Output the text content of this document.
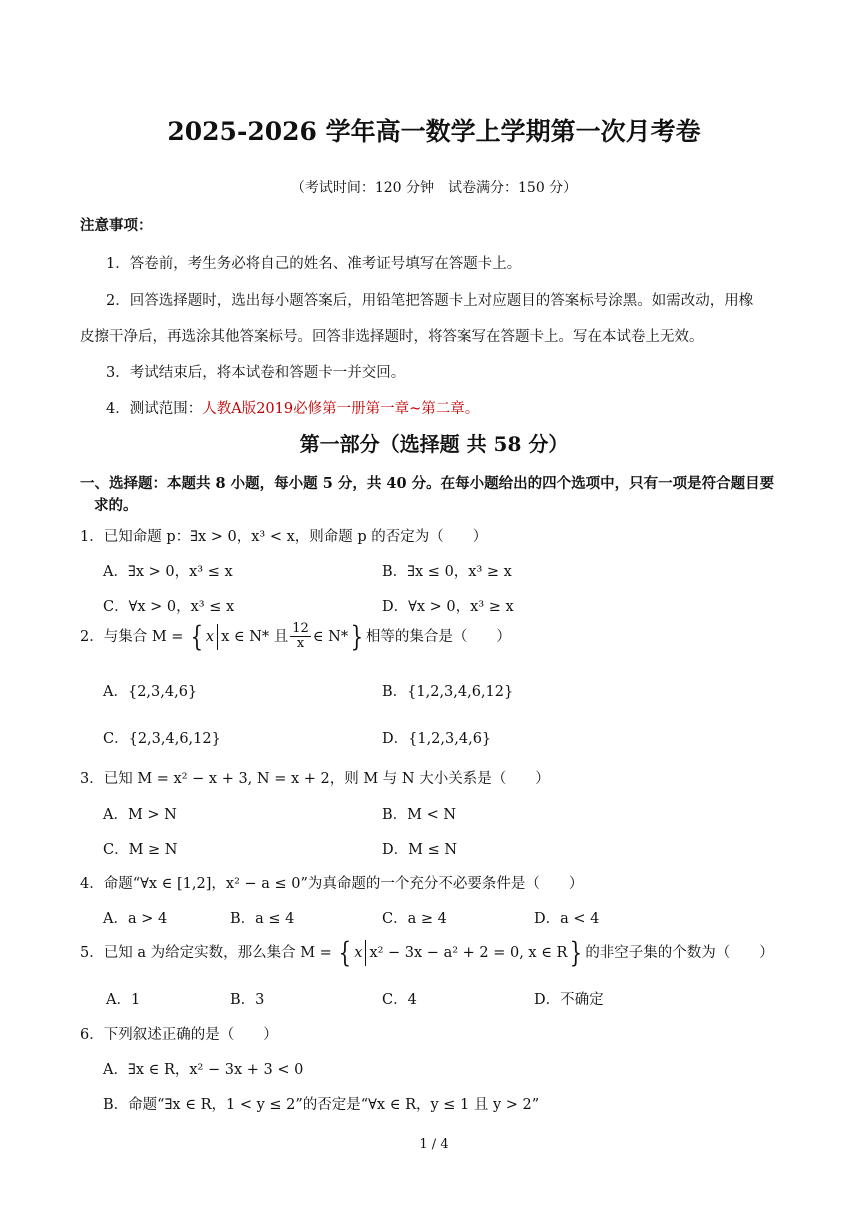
2025-2026 学年高一数学上学期第一次月考卷
（考试时间：120 分钟　试卷满分：150 分）
注意事项：
1．答卷前，考生务必将自己的姓名、准考证号填写在答题卡上。
2．回答选择题时，选出每小题答案后，用铅笔把答题卡上对应题目的答案标号涂黑。如需改动，用橡
皮擦干净后，再选涂其他答案标号。回答非选择题时，将答案写在答题卡上。写在本试卷上无效。
3．考试结束后，将本试卷和答题卡一并交回。
4．测试范围：人教A版2019必修第一册第一章~第二章。
第一部分（选择题 共 58 分）
一、选择题：本题共 8 小题，每小题 5 分，共 40 分。在每小题给出的四个选项中，只有一项是符合题目要
求的。
1．已知命题 p：∃x > 0，x³ < x，则命题 p 的否定为（　　）
A．∃x > 0，x³ ≤ x	B．∃x ≤ 0，x³ ≥ x
C．∀x > 0，x³ ≤ x	D．∀x > 0，x³ ≥ x
2．与集合 M = { x x ∈ N* 且 $\frac{12}{x}$ ∈ N*} 相等的集合是（　　）
A．{2,3,4,6}	B．{1,2,3,4,6,12}
C．{2,3,4,6,12}	D．{1,2,3,4,6}
3．已知 M = x² − x + 3, N = x + 2，则 M 与 N 大小关系是（　　）
A．M > N	B．M < N
C．M ≥ N	D．M ≤ N
4．命题“∀x ∈ [1,2]，x² − a ≤ 0”为真命题的一个充分不必要条件是（　　）
A．a > 4	B．a ≤ 4	C．a ≥ 4	D．a < 4
5．已知 a 为给定实数，那么集合 M = { x x² − 3x − a² + 2 = 0, x ∈ R} 的非空子集的个数为（　　）
A．1	B．3	C．4	D．不确定
6．下列叙述正确的是（　　）
A．∃x ∈ R，x² − 3x + 3 < 0
B．命题“∃x ∈ R，1 < y ≤ 2”的否定是“∀x ∈ R，y ≤ 1 且 y > 2”
1 / 4
